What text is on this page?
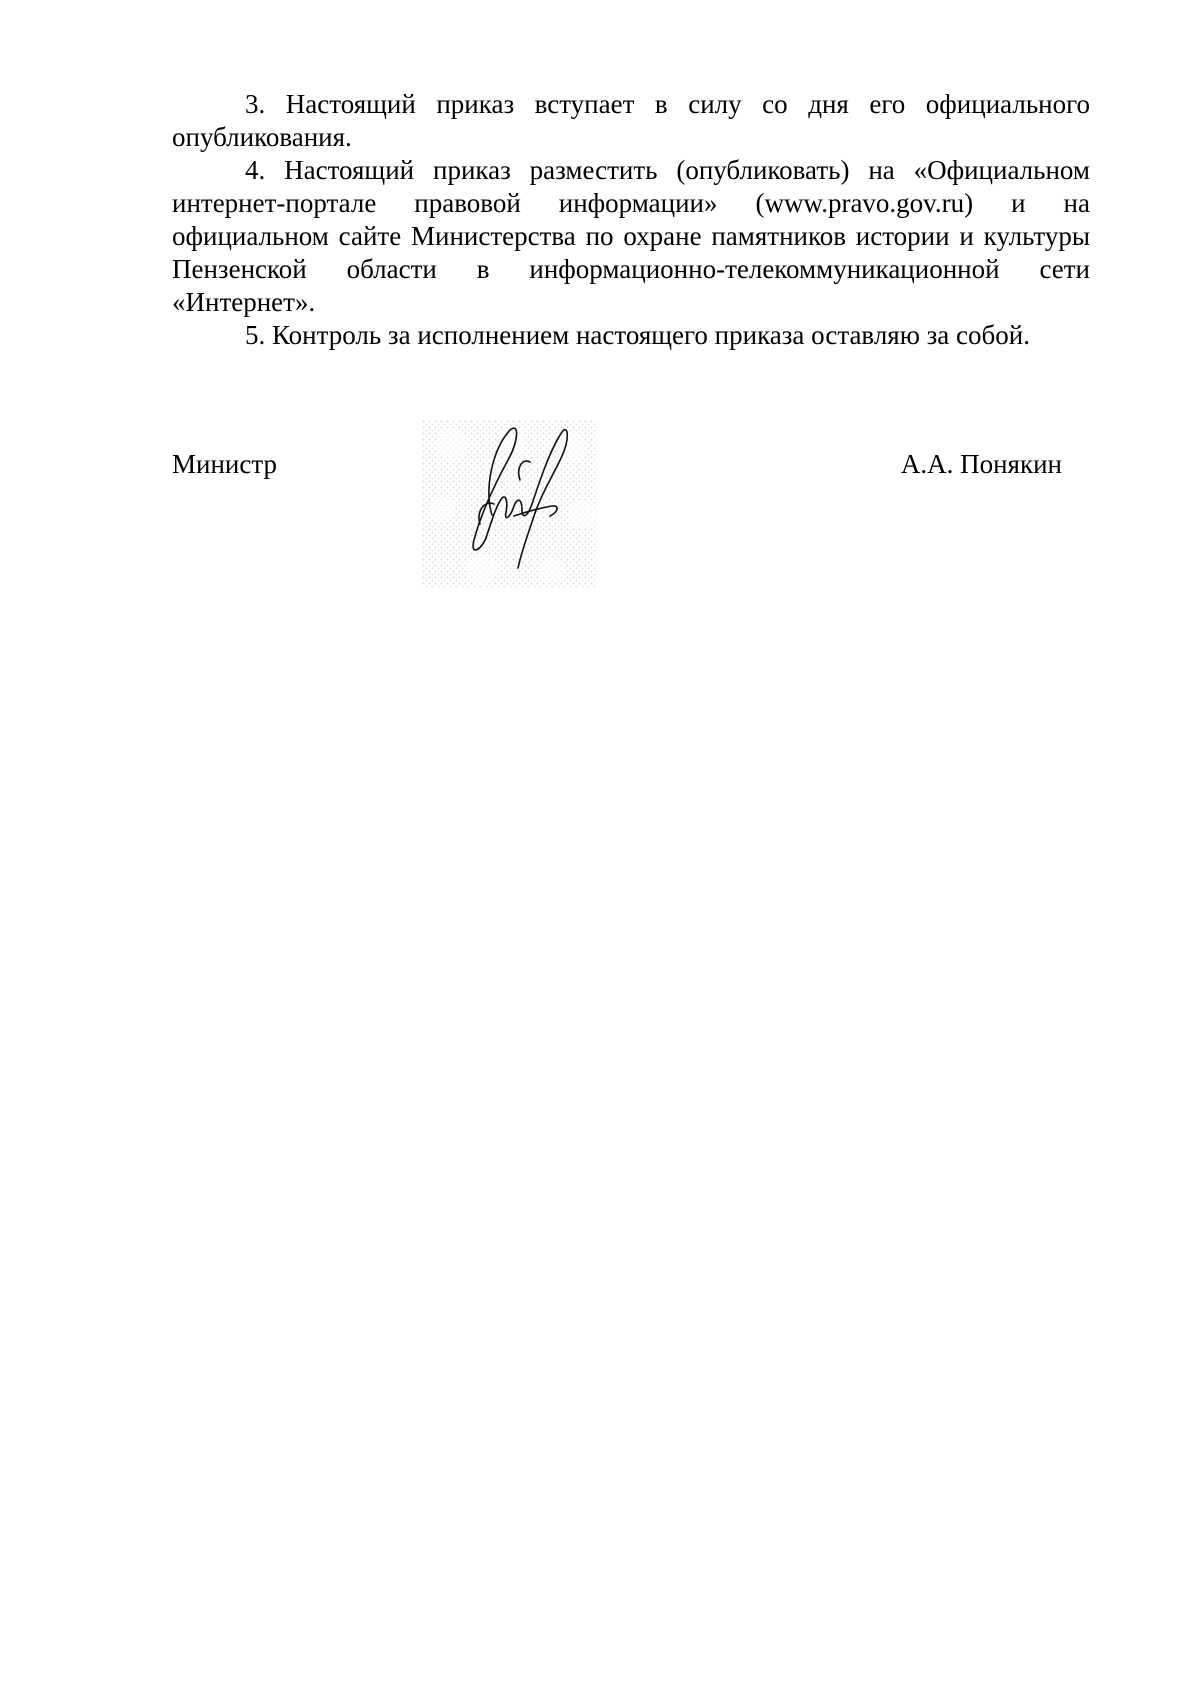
3. Настоящий приказ вступает в силу со дня его официального опубликования.

4. Настоящий приказ разместить (опубликовать) на «Официальном интернет-портале правовой информации» (www.pravo.gov.ru) и на официальном сайте Министерства по охране памятников истории и культуры Пензенской области в информационно-телекоммуникационной сети «Интернет».

5. Контроль за исполнением настоящего приказа оставляю за собой.

Министр	А.А. Понякин
